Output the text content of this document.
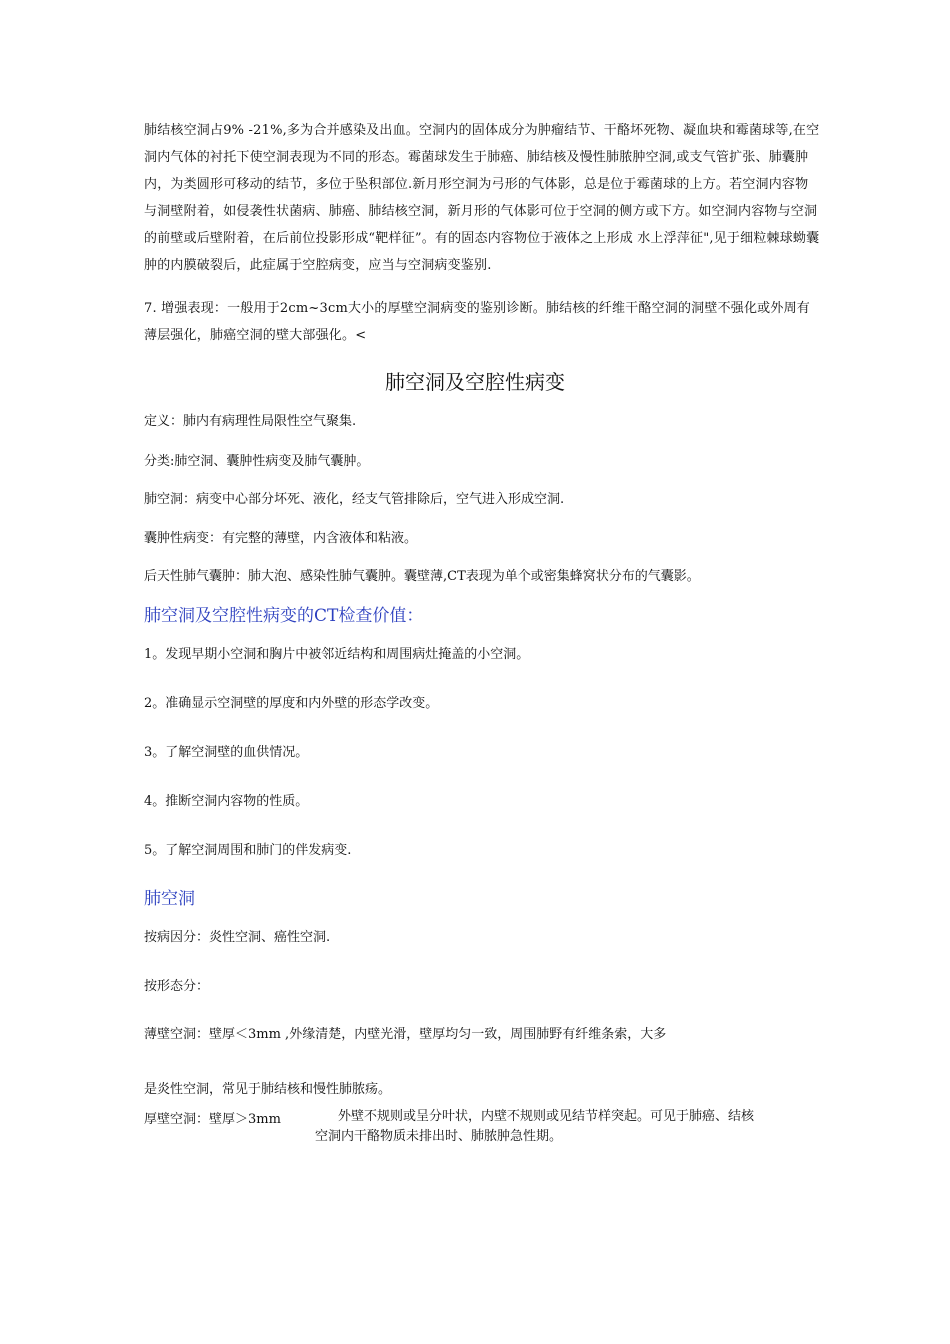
肺结核空洞占9% -21%,多为合并感染及出血。空洞内的固体成分为肿瘤结节、干酪坏死物、凝血块和霉菌球等,在空洞内气体的衬托下使空洞表现为不同的形态。霉菌球发生于肺癌、肺结核及慢性肺脓肿空洞,或支气管扩张、肺囊肿内，为类圆形可移动的结节，多位于坠积部位.新月形空洞为弓形的气体影，总是位于霉菌球的上方。若空洞内容物与洞壁附着，如侵袭性状菌病、肺癌、肺结核空洞，新月形的气体影可位于空洞的侧方或下方。如空洞内容物与空洞的前壁或后壁附着，在后前位投影形成“靶样征”。有的固态内容物位于液体之上形成 水上浮萍征",见于细粒棘球蚴囊肿的内膜破裂后，此症属于空腔病变，应当与空洞病变鉴别.
7. 增强表现：一般用于2cm~3cm大小的厚壁空洞病变的鉴别诊断。肺结核的纤维干酪空洞的洞壁不强化或外周有薄层强化，肺癌空洞的壁大部强化。<
肺空洞及空腔性病变
定义：肺内有病理性局限性空气聚集.
分类:肺空洞、囊肿性病变及肺气囊肿。
肺空洞：病变中心部分坏死、液化，经支气管排除后，空气进入形成空洞.
囊肿性病变：有完整的薄壁，内含液体和粘液。
后天性肺气囊肿：肺大泡、感染性肺气囊肿。囊壁薄,CT表现为单个或密集蜂窝状分布的气囊影。
肺空洞及空腔性病变的CT检查价值：
1。发现早期小空洞和胸片中被邻近结构和周围病灶掩盖的小空洞。
2。准确显示空洞壁的厚度和内外壁的形态学改变。
3。了解空洞壁的血供情况。
4。推断空洞内容物的性质。
5。了解空洞周围和肺门的伴发病变.
肺空洞
按病因分：炎性空洞、癌性空洞.
按形态分：
薄壁空洞：壁厚＜3mm ,外缘清楚，内壁光滑，壁厚均匀一致，周围肺野有纤维条索，大多
是炎性空洞，常见于肺结核和慢性肺脓疡。
厚壁空洞：壁厚＞3mm	外壁不规则或呈分叶状，内壁不规则或见结节样突起。可见于肺癌、结核
空洞内干酪物质未排出时、肺脓肿急性期。
